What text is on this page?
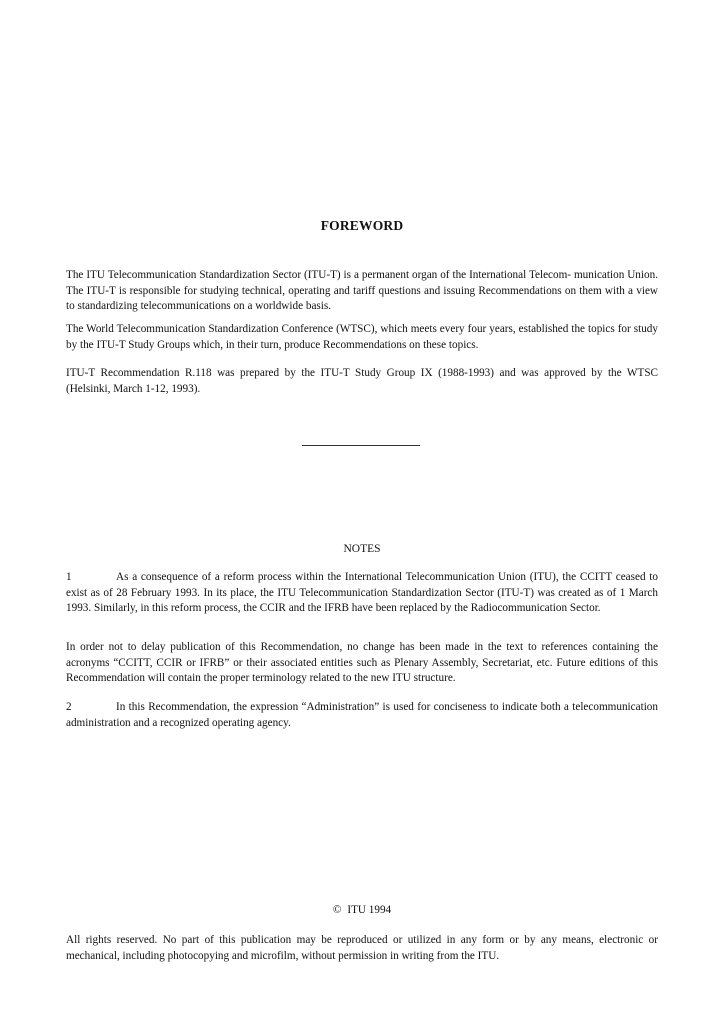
FOREWORD

The ITU Telecommunication Standardization Sector (ITU-T) is a permanent organ of the International Telecom- munication Union. The ITU-T is responsible for studying technical, operating and tariff questions and issuing Recommendations on them with a view to standardizing telecommunications on a worldwide basis.

The World Telecommunication Standardization Conference (WTSC), which meets every four years, established the topics for study by the ITU-T Study Groups which, in their turn, produce Recommendations on these topics.

ITU-T Recommendation R.118 was prepared by the ITU-T Study Group IX (1988-1993) and was approved by the WTSC (Helsinki, March 1-12, 1993).

NOTES

1	As a consequence of a reform process within the International Telecommunication Union (ITU), the CCITT ceased to exist as of 28 February 1993. In its place, the ITU Telecommunication Standardization Sector (ITU-T) was created as of 1 March 1993. Similarly, in this reform process, the CCIR and the IFRB have been replaced by the Radiocommunication Sector.

In order not to delay publication of this Recommendation, no change has been made in the text to references containing the acronyms “CCITT, CCIR or IFRB” or their associated entities such as Plenary Assembly, Secretariat, etc. Future editions of this Recommendation will contain the proper terminology related to the new ITU structure.

2	In this Recommendation, the expression “Administration” is used for conciseness to indicate both a telecommunication administration and a recognized operating agency.

© ITU 1994

All rights reserved. No part of this publication may be reproduced or utilized in any form or by any means, electronic or mechanical, including photocopying and microfilm, without permission in writing from the ITU.
